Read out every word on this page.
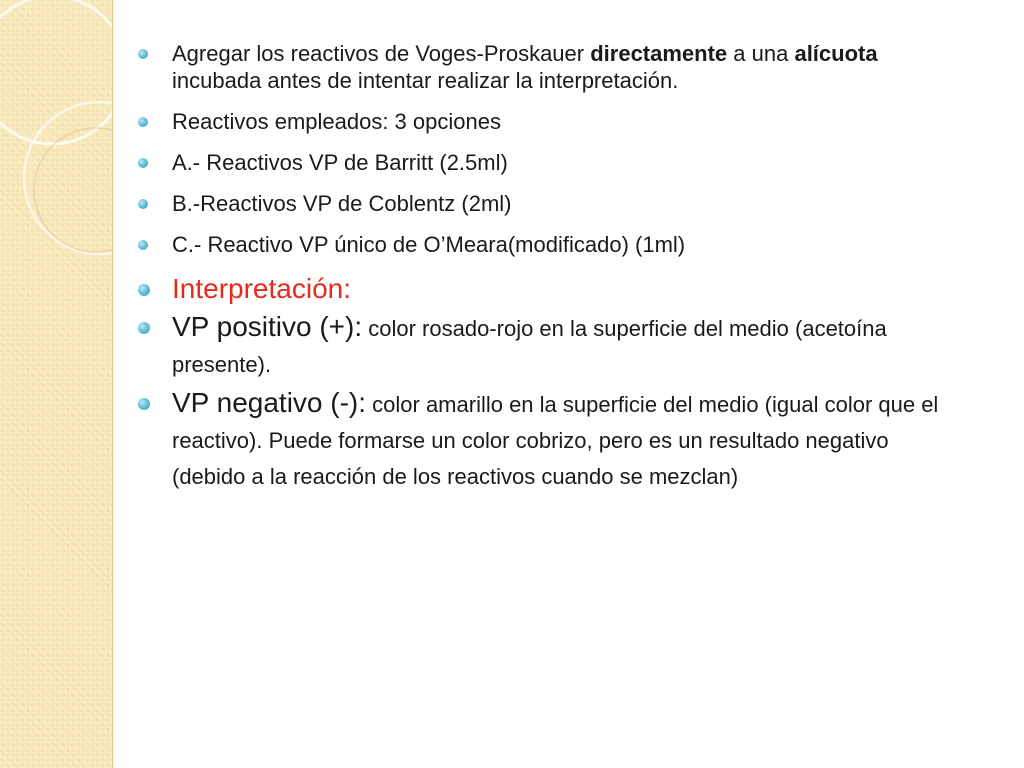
Agregar los reactivos de Voges-Proskauer directamente a una alícuota incubada antes de intentar realizar la interpretación.
Reactivos empleados: 3 opciones
A.- Reactivos VP de Barritt (2.5ml)
B.-Reactivos VP de Coblentz (2ml)
C.- Reactivo VP único de O’Meara(modificado) (1ml)
Interpretación:
VP positivo (+): color rosado-rojo en la superficie del medio (acetoína presente).
VP negativo (-): color amarillo en la superficie del medio (igual color que el reactivo). Puede formarse un color cobrizo, pero es un resultado negativo (debido a la reacción de los reactivos cuando se mezclan)
